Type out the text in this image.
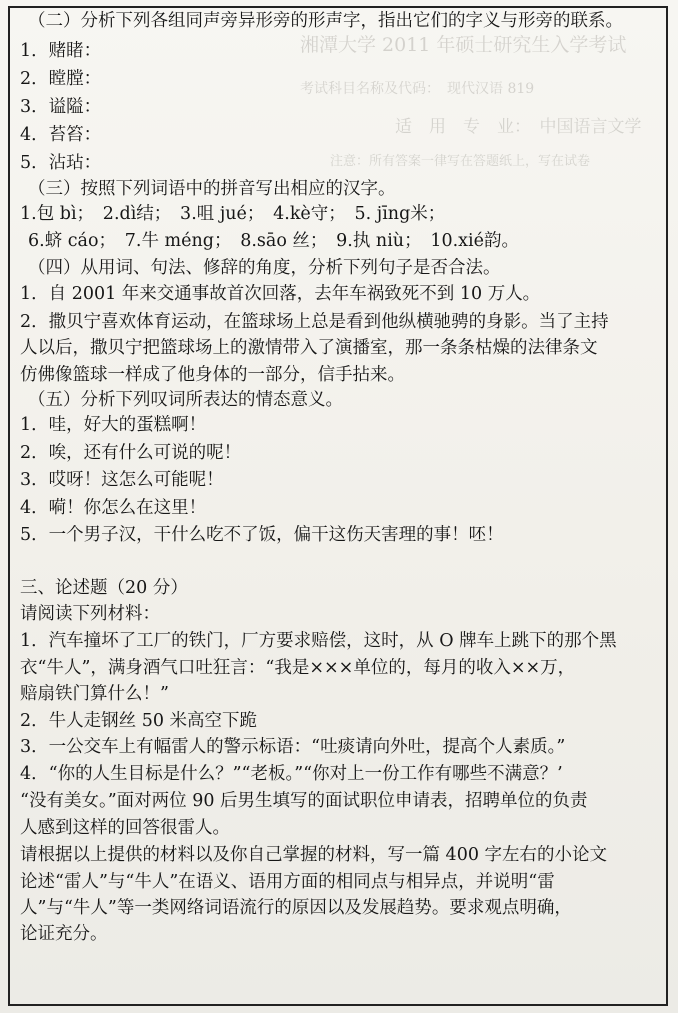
湘潭大学 2011 年硕士研究生入学考试
考试科目名称及代码：　现代汉语 819
适　用　专　业：　中国语言文学
注意：所有答案一律写在答题纸上，写在试卷
（二）分析下列各组同声旁异形旁的形声字，指出它们的字义与形旁的联系。
1．赌睹：
2．瞠膛：
3．谥隘：
4．苔笞：
5．沾玷：
（三）按照下列词语中的拼音写出相应的汉字。
1.包 bì；　2.dì结；　3.咀 jué；　4.kè守；　5. jīng米；
6.蛴 cáo；　7.牛 méng；　8.sāo 丝；　9.执 niù；　10.xié韵。
（四）从用词、句法、修辞的角度，分析下列句子是否合法。
1．自 2001 年来交通事故首次回落，去年车祸致死不到 10 万人。
2．撒贝宁喜欢体育运动，在篮球场上总是看到他纵横驰骋的身影。当了主持
人以后，撒贝宁把篮球场上的激情带入了演播室，那一条条枯燥的法律条文
仿佛像篮球一样成了他身体的一部分，信手拈来。
（五）分析下列叹词所表达的情态意义。
1．哇，好大的蛋糕啊！
2．唉，还有什么可说的呢！
3．哎呀！这怎么可能呢！
4．嗬！你怎么在这里！
5．一个男子汉，干什么吃不了饭，偏干这伤天害理的事！呸！
三、论述题（20 分）
请阅读下列材料：
1．汽车撞坏了工厂的铁门，厂方要求赔偿，这时，从 O 牌车上跳下的那个黑
衣“牛人”，满身酒气口吐狂言：“我是×××单位的，每月的收入××万，
赔扇铁门算什么！”
2．牛人走钢丝 50 米高空下跪
3．一公交车上有幅雷人的警示标语：“吐痰请向外吐，提高个人素质。”
4．“你的人生目标是什么？”“老板。”“你对上一份工作有哪些不满意？’
“没有美女。”面对两位 90 后男生填写的面试职位申请表，招聘单位的负责
人感到这样的回答很雷人。
请根据以上提供的材料以及你自己掌握的材料，写一篇 400 字左右的小论文
论述“雷人”与“牛人”在语义、语用方面的相同点与相异点，并说明“雷
人”与“牛人”等一类网络词语流行的原因以及发展趋势。要求观点明确，
论证充分。
